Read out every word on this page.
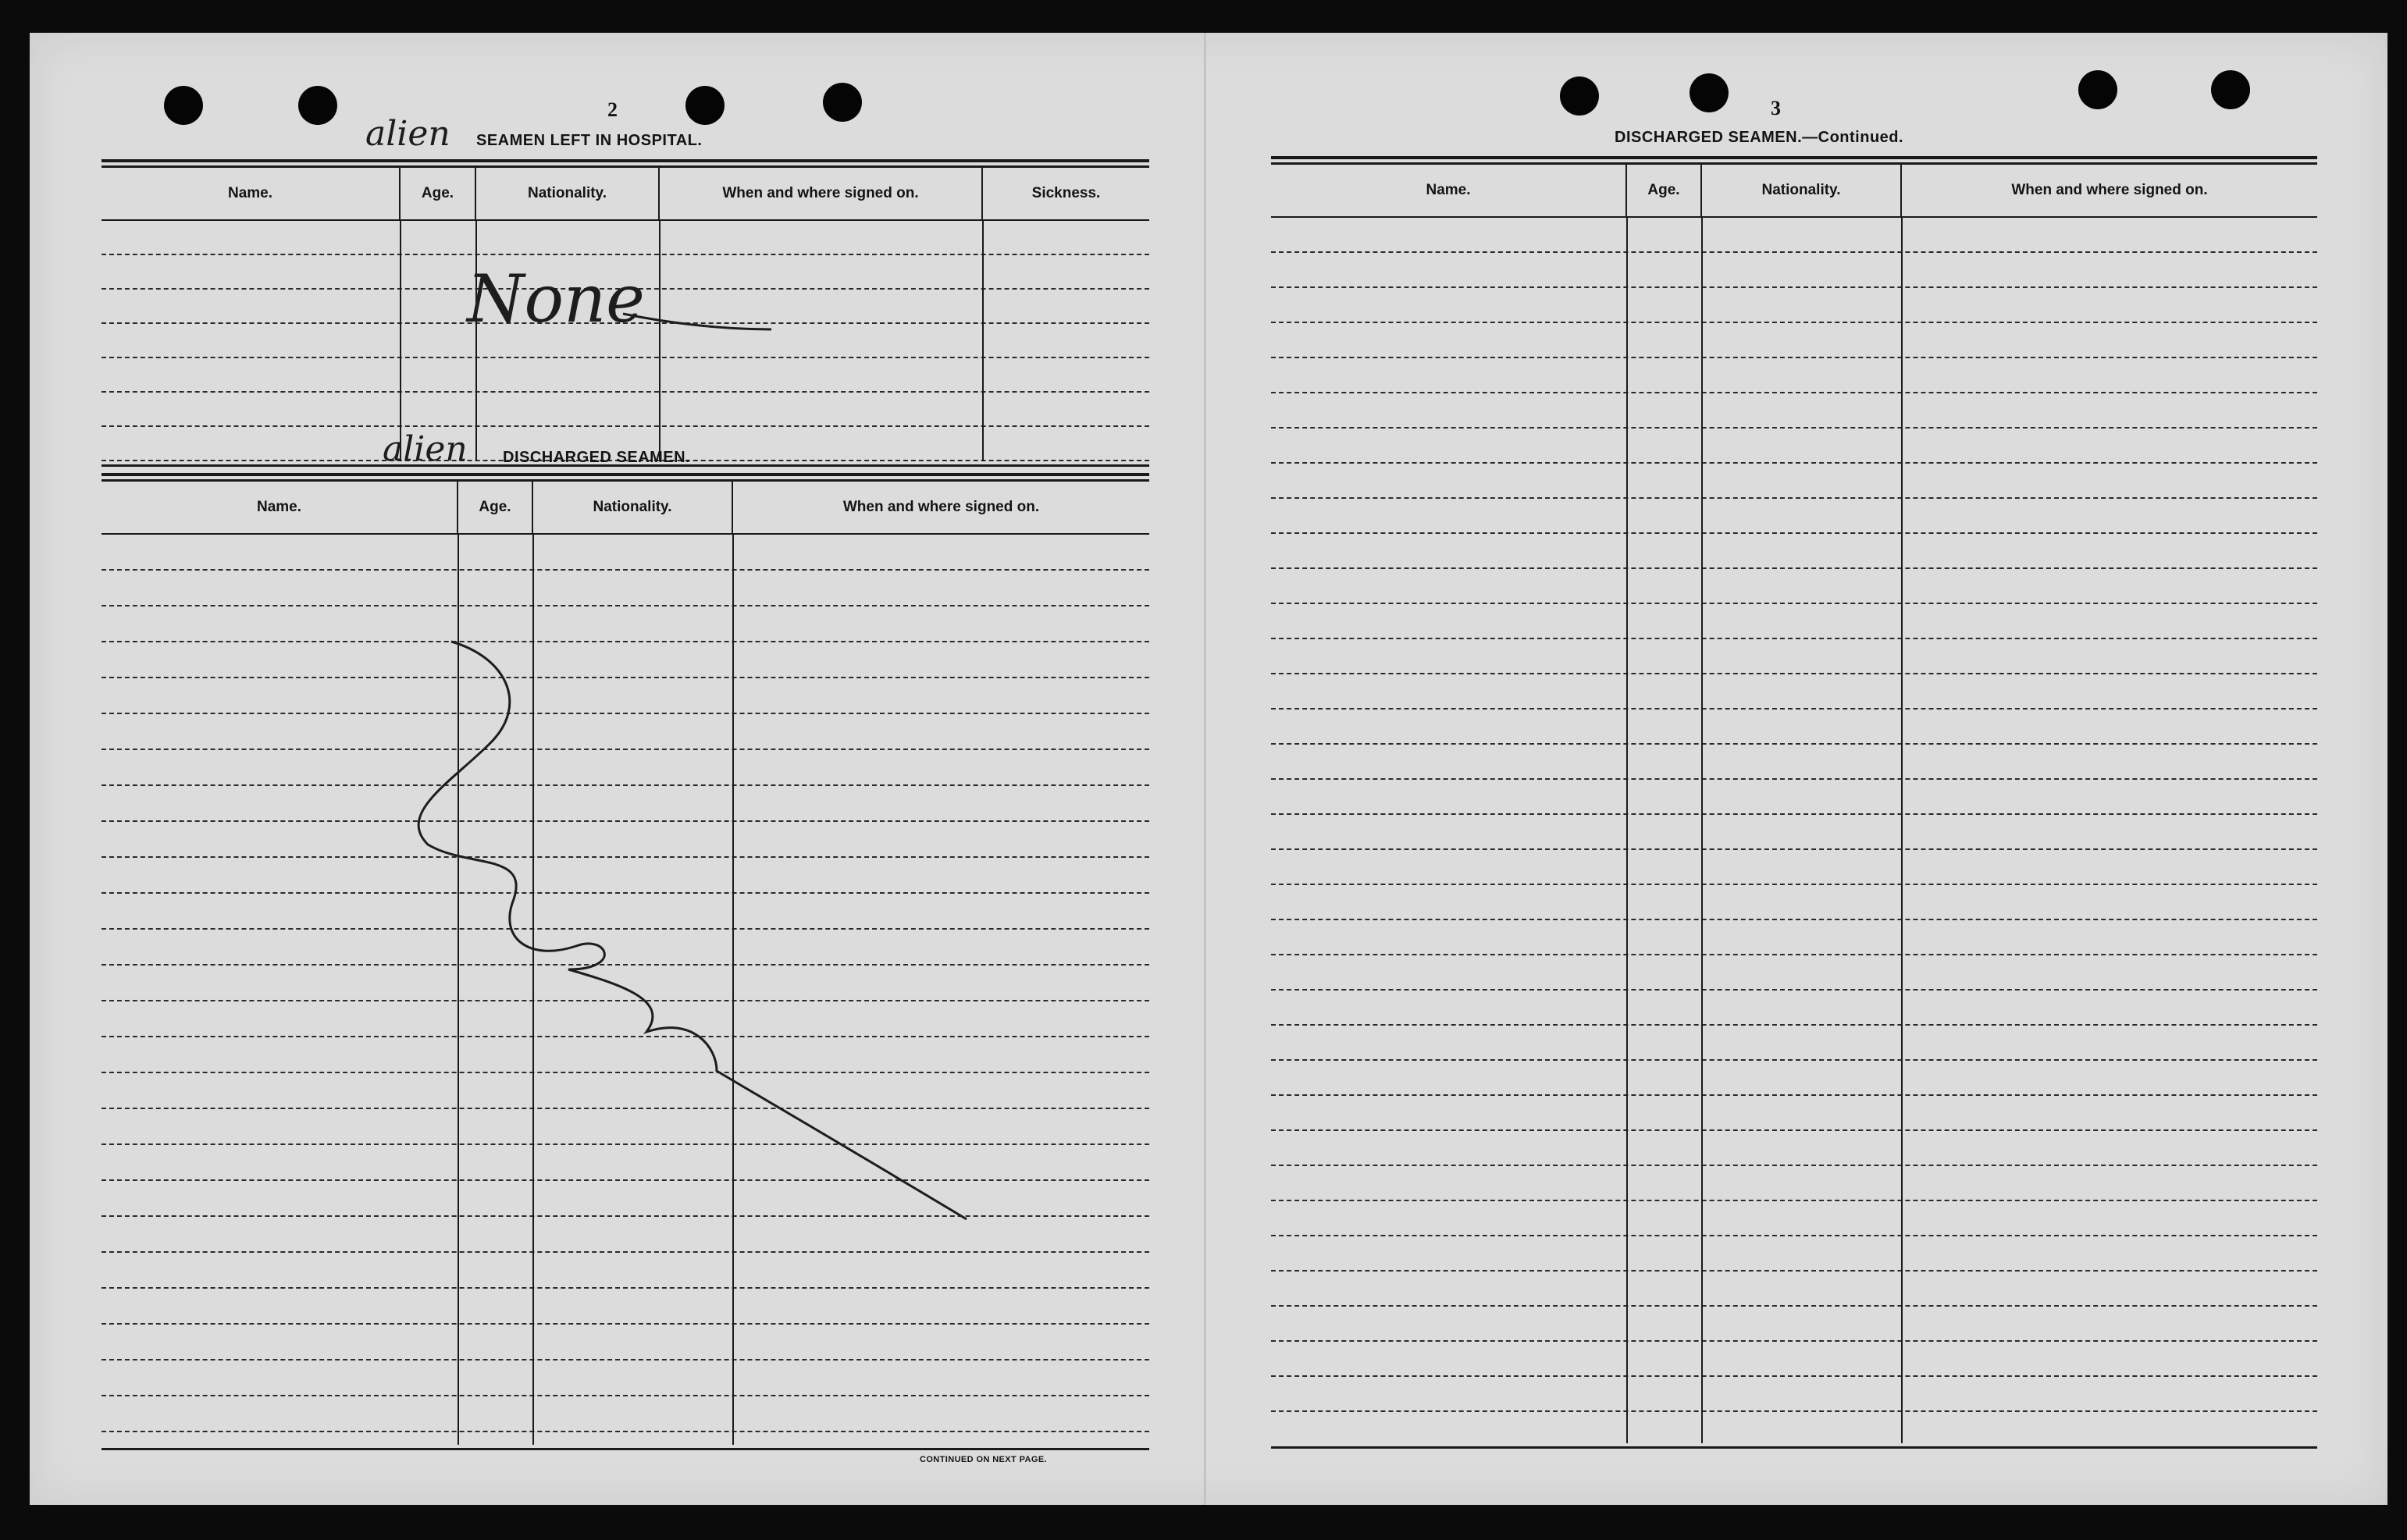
2
alien SEAMEN LEFT IN HOSPITAL.
Name.	Age.	Nationality.	When and where signed on.	Sickness.
None
alien DISCHARGED SEAMEN.
Name.	Age.	Nationality.	When and where signed on.
CONTINUED ON NEXT PAGE.
3
DISCHARGED SEAMEN.—Continued.
Name.	Age.	Nationality.	When and where signed on.
